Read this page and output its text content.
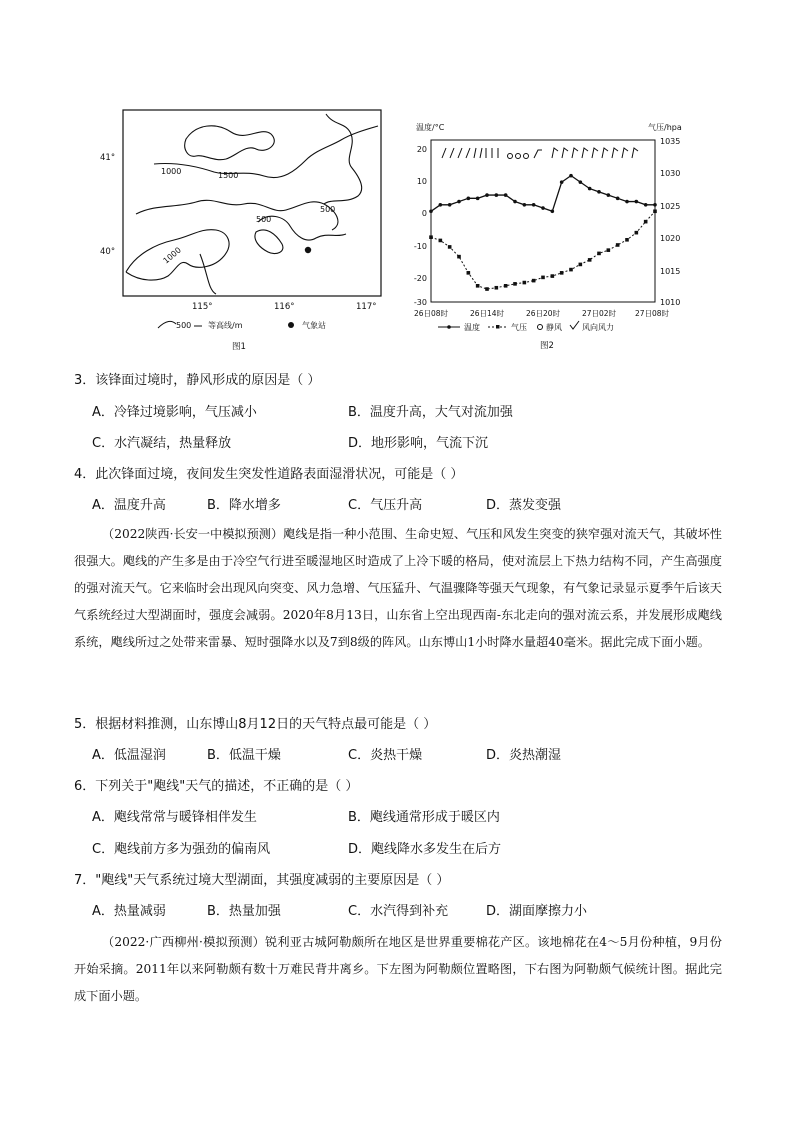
1000	1500
500
500
1000
41°
40°
115°	116°	117°
500 等高线/m	气象站
图1
温度/°C	气压/hpa
20
10
0
-10
-20
-30
1035
1030
1025
1020
1015
1010
26日08时	26日14时	26日20时	27日02时	27日08时
温度	气压 静风	风向风力
图2
3．该锋面过境时，静风形成的原因是（ ）
A．冷锋过境影响，气压减小	B．温度升高，大气对流加强
C．水汽凝结，热量释放	D．地形影响，气流下沉
4．此次锋面过境，夜间发生突发性道路表面湿滑状况，可能是（ ）
A．温度升高	B．降水增多	C．气压升高	D．蒸发变强
（2022陕西·长安一中模拟预测）飑线是指一种小范围、生命史短、气压和风发生突变的狭窄强对流天气，其破坏性很强大。飑线的产生多是由于冷空气行进至暖湿地区时造成了上冷下暖的格局，使对流层上下热力结构不同，产生高强度的强对流天气。它来临时会出现风向突变、风力急增、气压猛升、气温骤降等强天气现象，有气象记录显示夏季午后该天气系统经过大型湖面时，强度会减弱。2020年8月13日，山东省上空出现西南-东北走向的强对流云系，并发展形成飑线系统，飑线所过之处带来雷暴、短时强降水以及7到8级的阵风。山东博山1小时降水量超40毫米。据此完成下面小题。
5．根据材料推测，山东博山8月12日的天气特点最可能是（ ）
A．低温湿润	B．低温干燥	C．炎热干燥	D．炎热潮湿
6．下列关于"飑线"天气的描述，不正确的是（ ）
A．飑线常常与暖锋相伴发生	B．飑线通常形成于暖区内
C．飑线前方多为强劲的偏南风	D．飑线降水多发生在后方
7．"飑线"天气系统过境大型湖面，其强度减弱的主要原因是（ ）
A．热量减弱	B．热量加强	C．水汽得到补充	D．湖面摩擦力小
（2022·广西柳州·模拟预测）锐利亚古城阿勒颇所在地区是世界重要棉花产区。该地棉花在4～5月份种植，9月份开始采摘。2011年以来阿勒颇有数十万难民背井离乡。下左图为阿勒颇位置略图，下右图为阿勒颇气候统计图。据此完成下面小题。
